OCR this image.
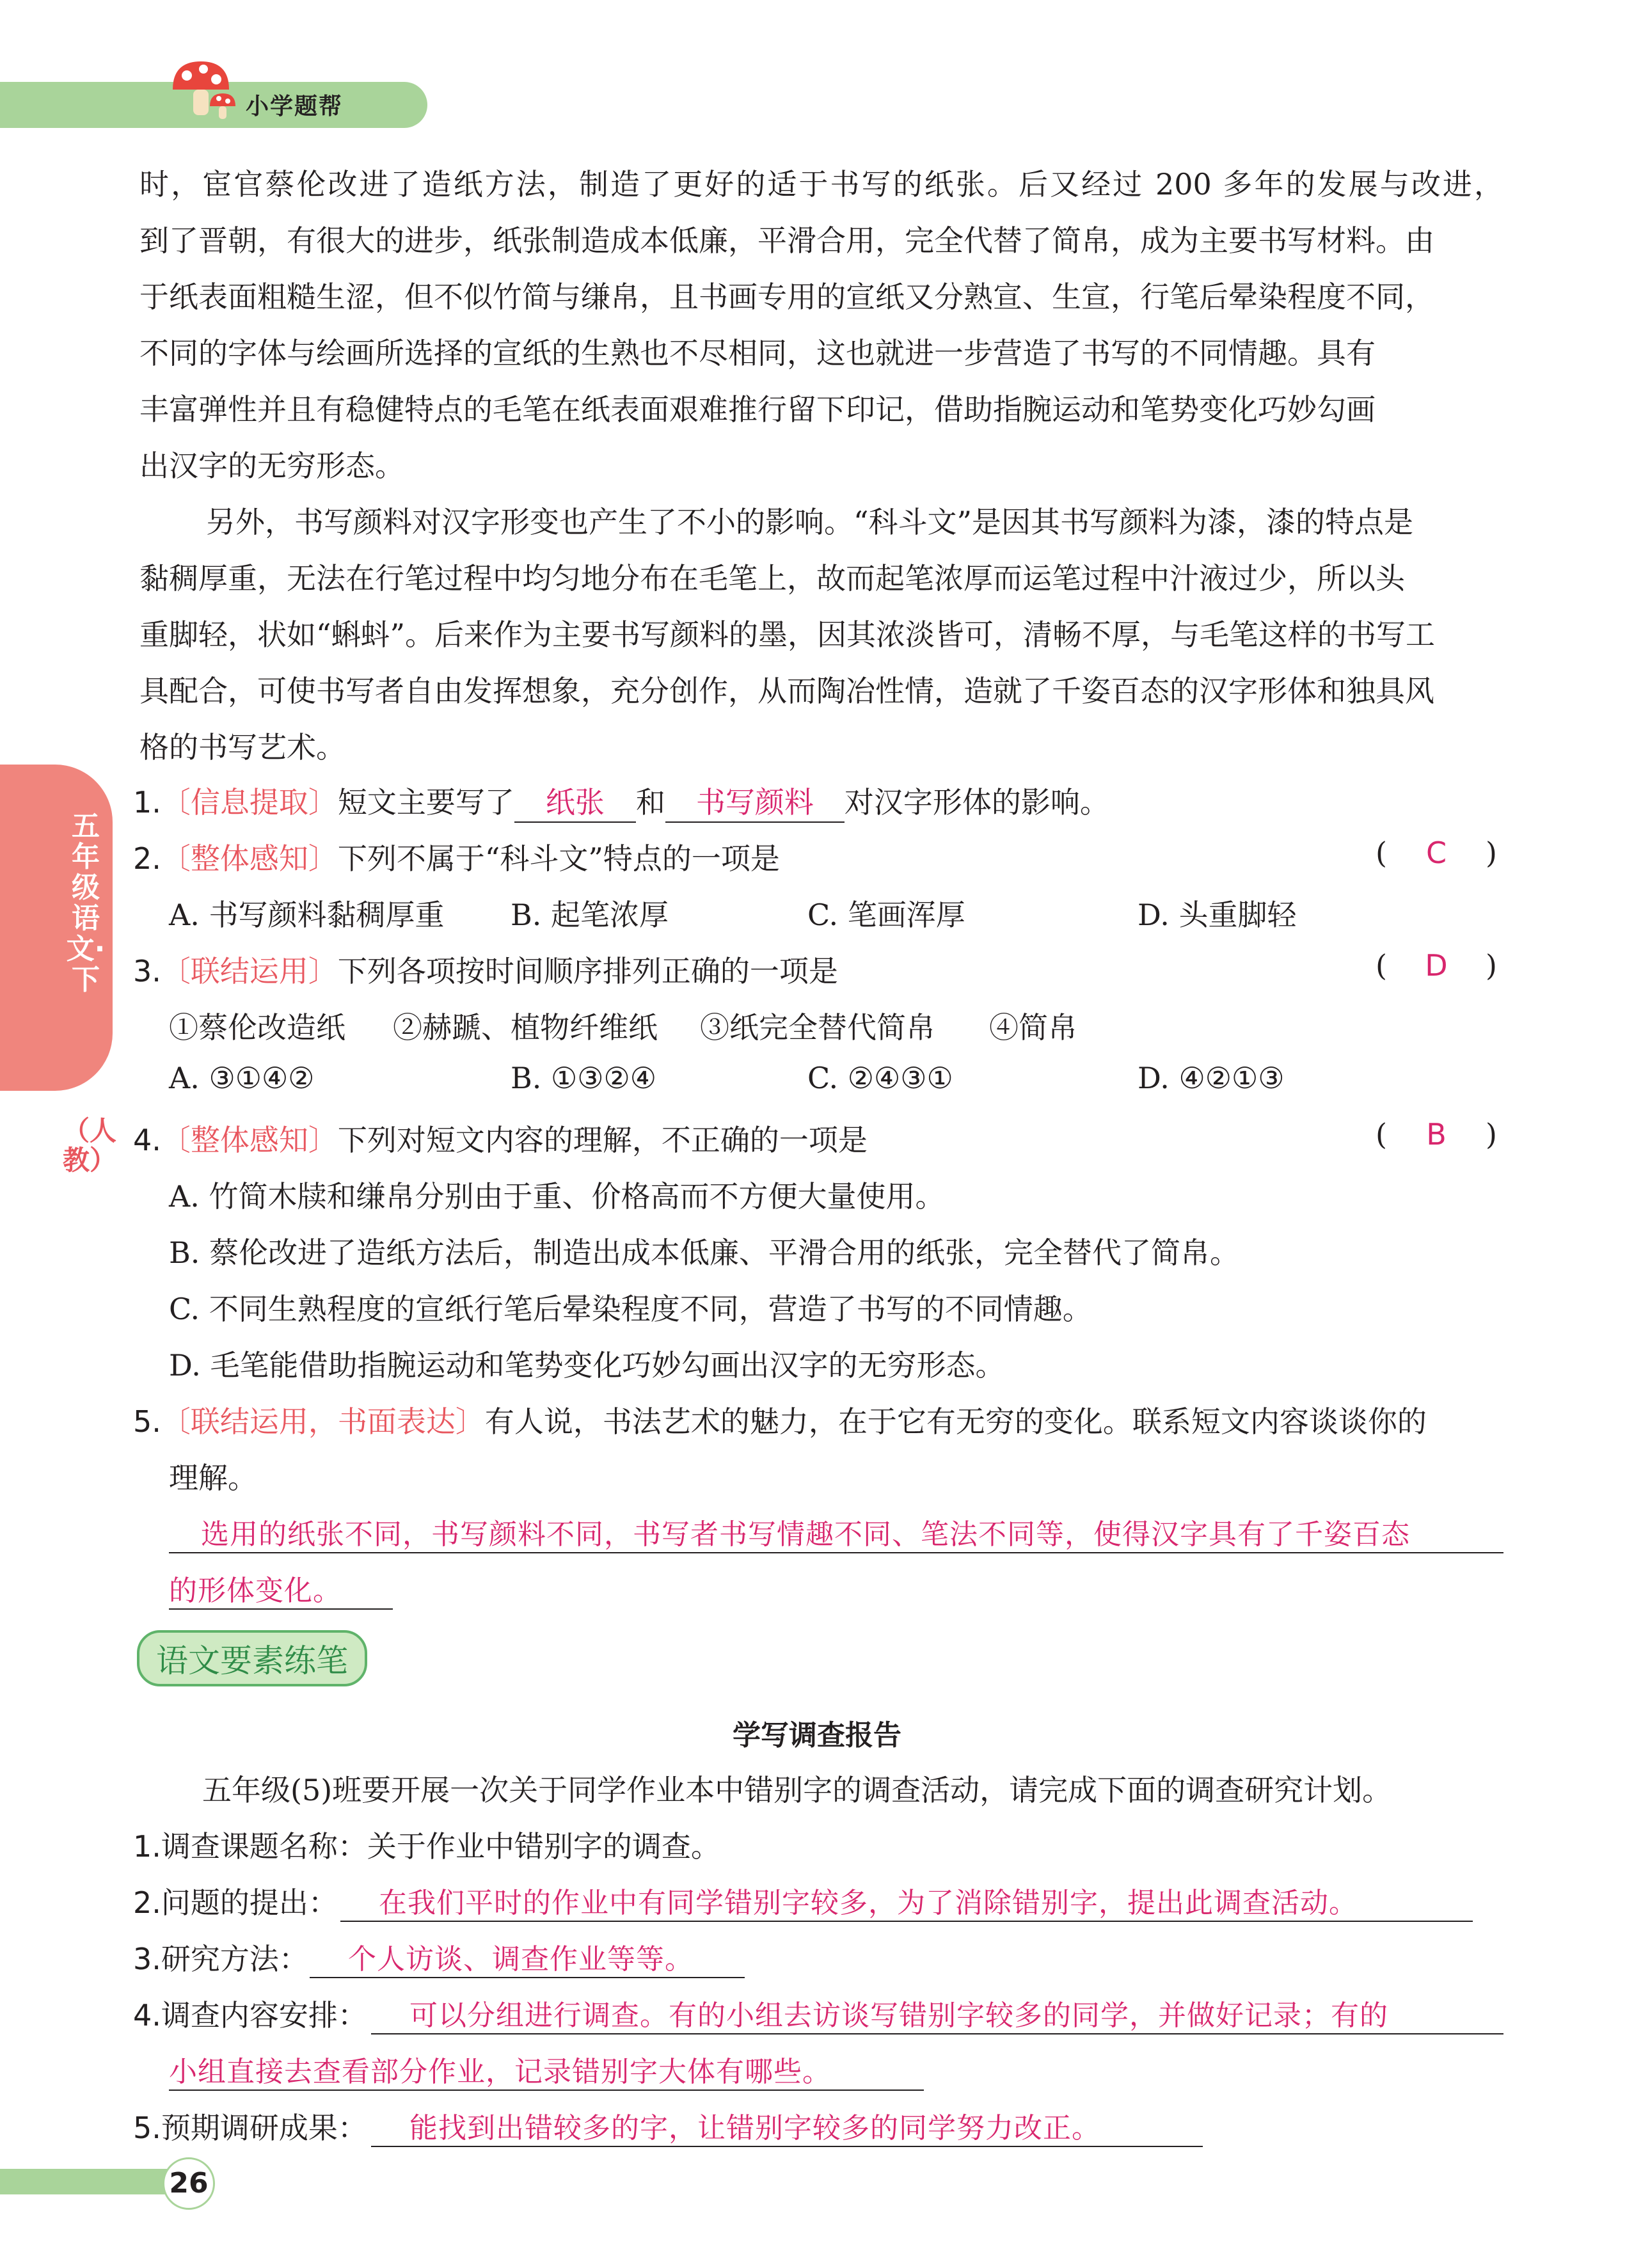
小学题帮
五年级语文·下
（人教）
时，宦官蔡伦改进了造纸方法，制造了更好的适于书写的纸张。后又经过 200 多年的发展与改进，
到了晋朝，有很大的进步，纸张制造成本低廉，平滑合用，完全代替了简帛，成为主要书写材料。由
于纸表面粗糙生涩，但不似竹简与缣帛，且书画专用的宣纸又分熟宣、生宣，行笔后晕染程度不同，
不同的字体与绘画所选择的宣纸的生熟也不尽相同，这也就进一步营造了书写的不同情趣。具有
丰富弹性并且有稳健特点的毛笔在纸表面艰难推行留下印记，借助指腕运动和笔势变化巧妙勾画
出汉字的无穷形态。
另外，书写颜料对汉字形变也产生了不小的影响。“科斗文”是因其书写颜料为漆，漆的特点是
黏稠厚重，无法在行笔过程中均匀地分布在毛笔上，故而起笔浓厚而运笔过程中汁液过少，所以头
重脚轻，状如“蝌蚪”。后来作为主要书写颜料的墨，因其浓淡皆可，清畅不厚，与毛笔这样的书写工
具配合，可使书写者自由发挥想象，充分创作，从而陶冶性情，造就了千姿百态的汉字形体和独具风
格的书写艺术。
1.〔信息提取〕短文主要写了 纸张 和 书写颜料 对汉字形体的影响。
2.〔整体感知〕下列不属于“科斗文”特点的一项是	( C )
A. 书写颜料黏稠厚重 B. 起笔浓厚	C. 笔画浑厚	D. 头重脚轻
3.〔联结运用〕下列各项按时间顺序排列正确的一项是	( D )
①蔡伦改造纸 ②赫蹏、植物纤维纸 ③纸完全替代简帛 ④简帛
A. ③①④②	B. ①③②④	C. ②④③①	D. ④②①③
4.〔整体感知〕下列对短文内容的理解，不正确的一项是	( B )
A. 竹简木牍和缣帛分别由于重、价格高而不方便大量使用。
B. 蔡伦改进了造纸方法后，制造出成本低廉、平滑合用的纸张，完全替代了简帛。
C. 不同生熟程度的宣纸行笔后晕染程度不同，营造了书写的不同情趣。
D. 毛笔能借助指腕运动和笔势变化巧妙勾画出汉字的无穷形态。
5.〔联结运用，书面表达〕有人说，书法艺术的魅力，在于它有无穷的变化。联系短文内容谈谈你的
理解。
选用的纸张不同，书写颜料不同，书写者书写情趣不同、笔法不同等，使得汉字具有了千姿百态
的形体变化。
语文要素练笔
学写调查报告
五年级(5)班要开展一次关于同学作业本中错别字的调查活动，请完成下面的调查研究计划。
1.调查课题名称：关于作业中错别字的调查。
2.问题的提出：	在我们平时的作业中有同学错别字较多，为了消除错别字，提出此调查活动。
3.研究方法：	个人访谈、调查作业等等。
4.调查内容安排：	可以分组进行调查。有的小组去访谈写错别字较多的同学，并做好记录；有的
小组直接去查看部分作业，记录错别字大体有哪些。
5.预期调研成果：	能找到出错较多的字，让错别字较多的同学努力改正。
26
